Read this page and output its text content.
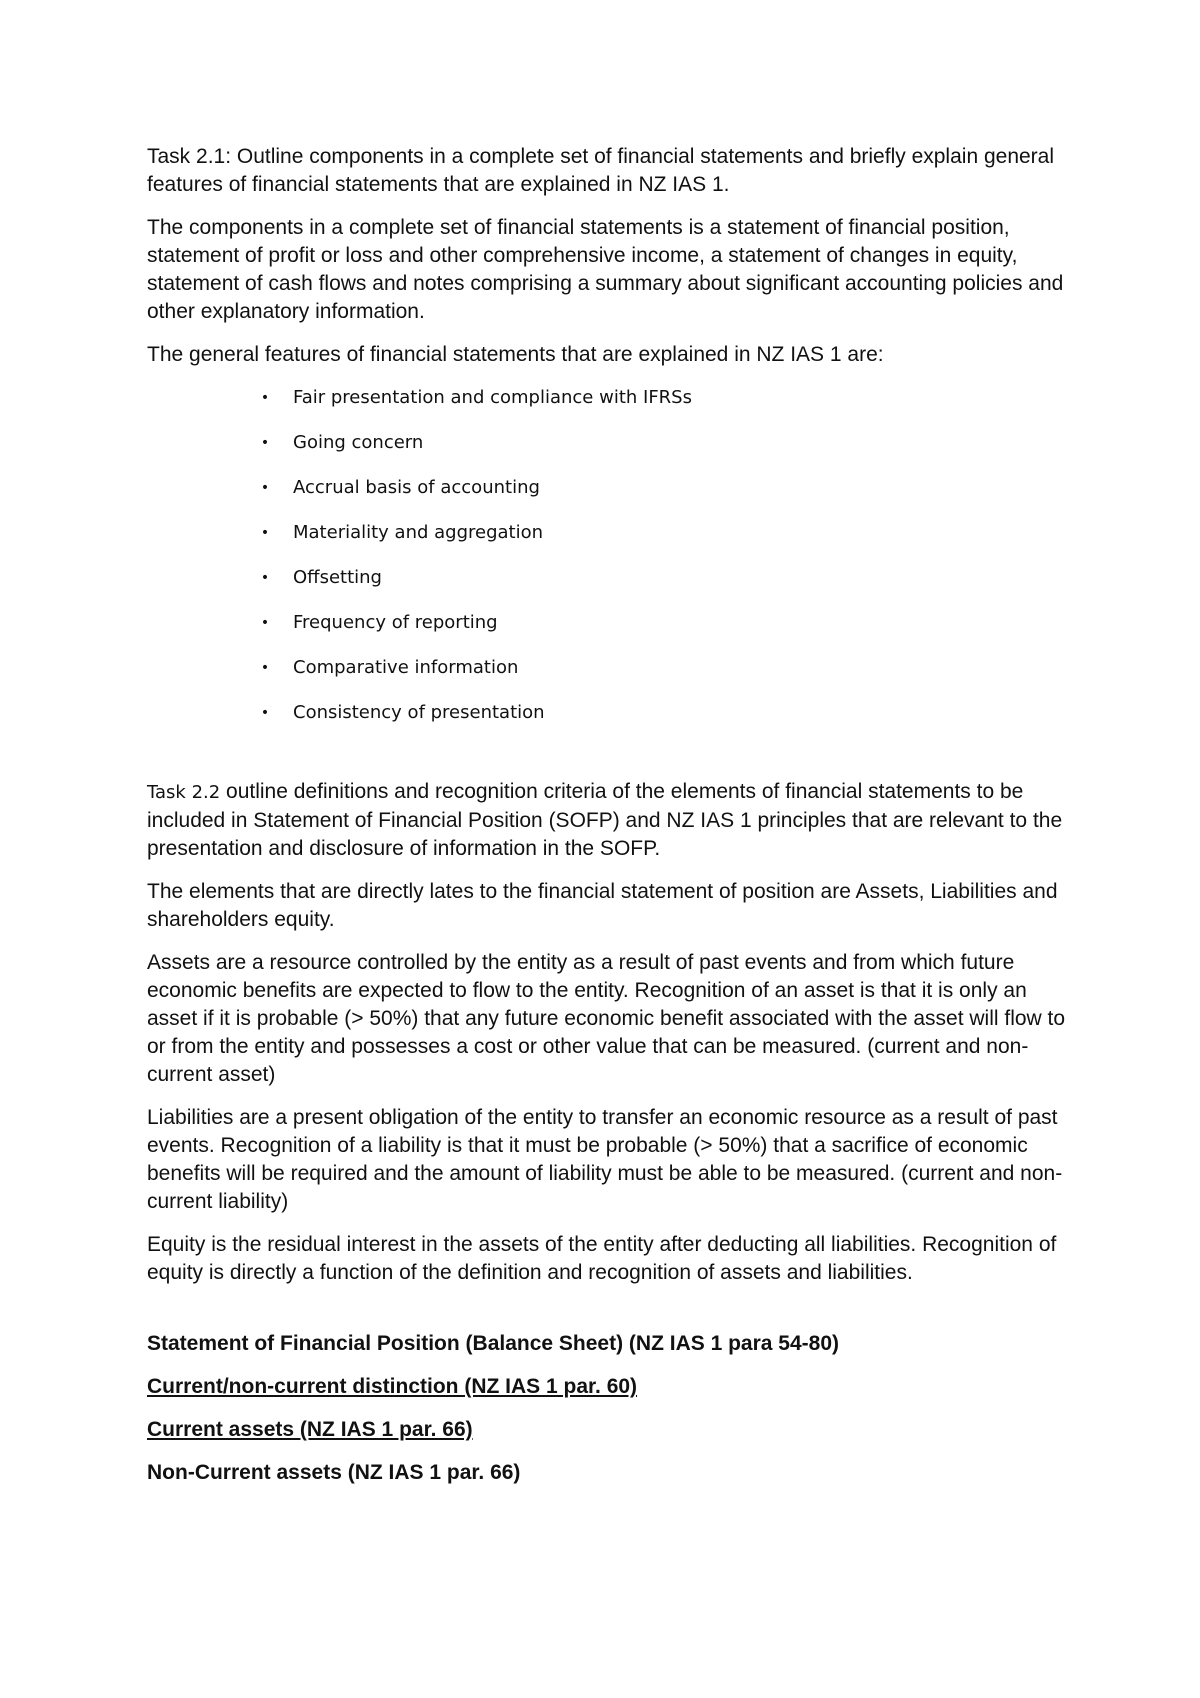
Task 2.1: Outline components in a complete set of financial statements and briefly explain general features of financial statements that are explained in NZ IAS 1.

The components in a complete set of financial statements is a statement of financial position, statement of profit or loss and other comprehensive income, a statement of changes in equity, statement of cash flows and notes comprising a summary about significant accounting policies and other explanatory information.

The general features of financial statements that are explained in NZ IAS 1 are:

• Fair presentation and compliance with IFRSs
• Going concern
• Accrual basis of accounting
• Materiality and aggregation
• Offsetting
• Frequency of reporting
• Comparative information
• Consistency of presentation

Task 2.2 outline definitions and recognition criteria of the elements of financial statements to be included in Statement of Financial Position (SOFP) and NZ IAS 1 principles that are relevant to the presentation and disclosure of information in the SOFP.

The elements that are directly lates to the financial statement of position are Assets, Liabilities and shareholders equity.

Assets are a resource controlled by the entity as a result of past events and from which future economic benefits are expected to flow to the entity. Recognition of an asset is that it is only an asset if it is probable (> 50%) that any future economic benefit associated with the asset will flow to or from the entity and possesses a cost or other value that can be measured. (current and non-current asset)

Liabilities are a present obligation of the entity to transfer an economic resource as a result of past events. Recognition of a liability is that it must be probable (> 50%) that a sacrifice of economic benefits will be required and the amount of liability must be able to be measured. (current and non-current liability)

Equity is the residual interest in the assets of the entity after deducting all liabilities. Recognition of equity is directly a function of the definition and recognition of assets and liabilities.

Statement of Financial Position (Balance Sheet) (NZ IAS 1 para 54-80)

Current/non-current distinction (NZ IAS 1 par. 60)

Current assets (NZ IAS 1 par. 66)

Non-Current assets (NZ IAS 1 par. 66)
